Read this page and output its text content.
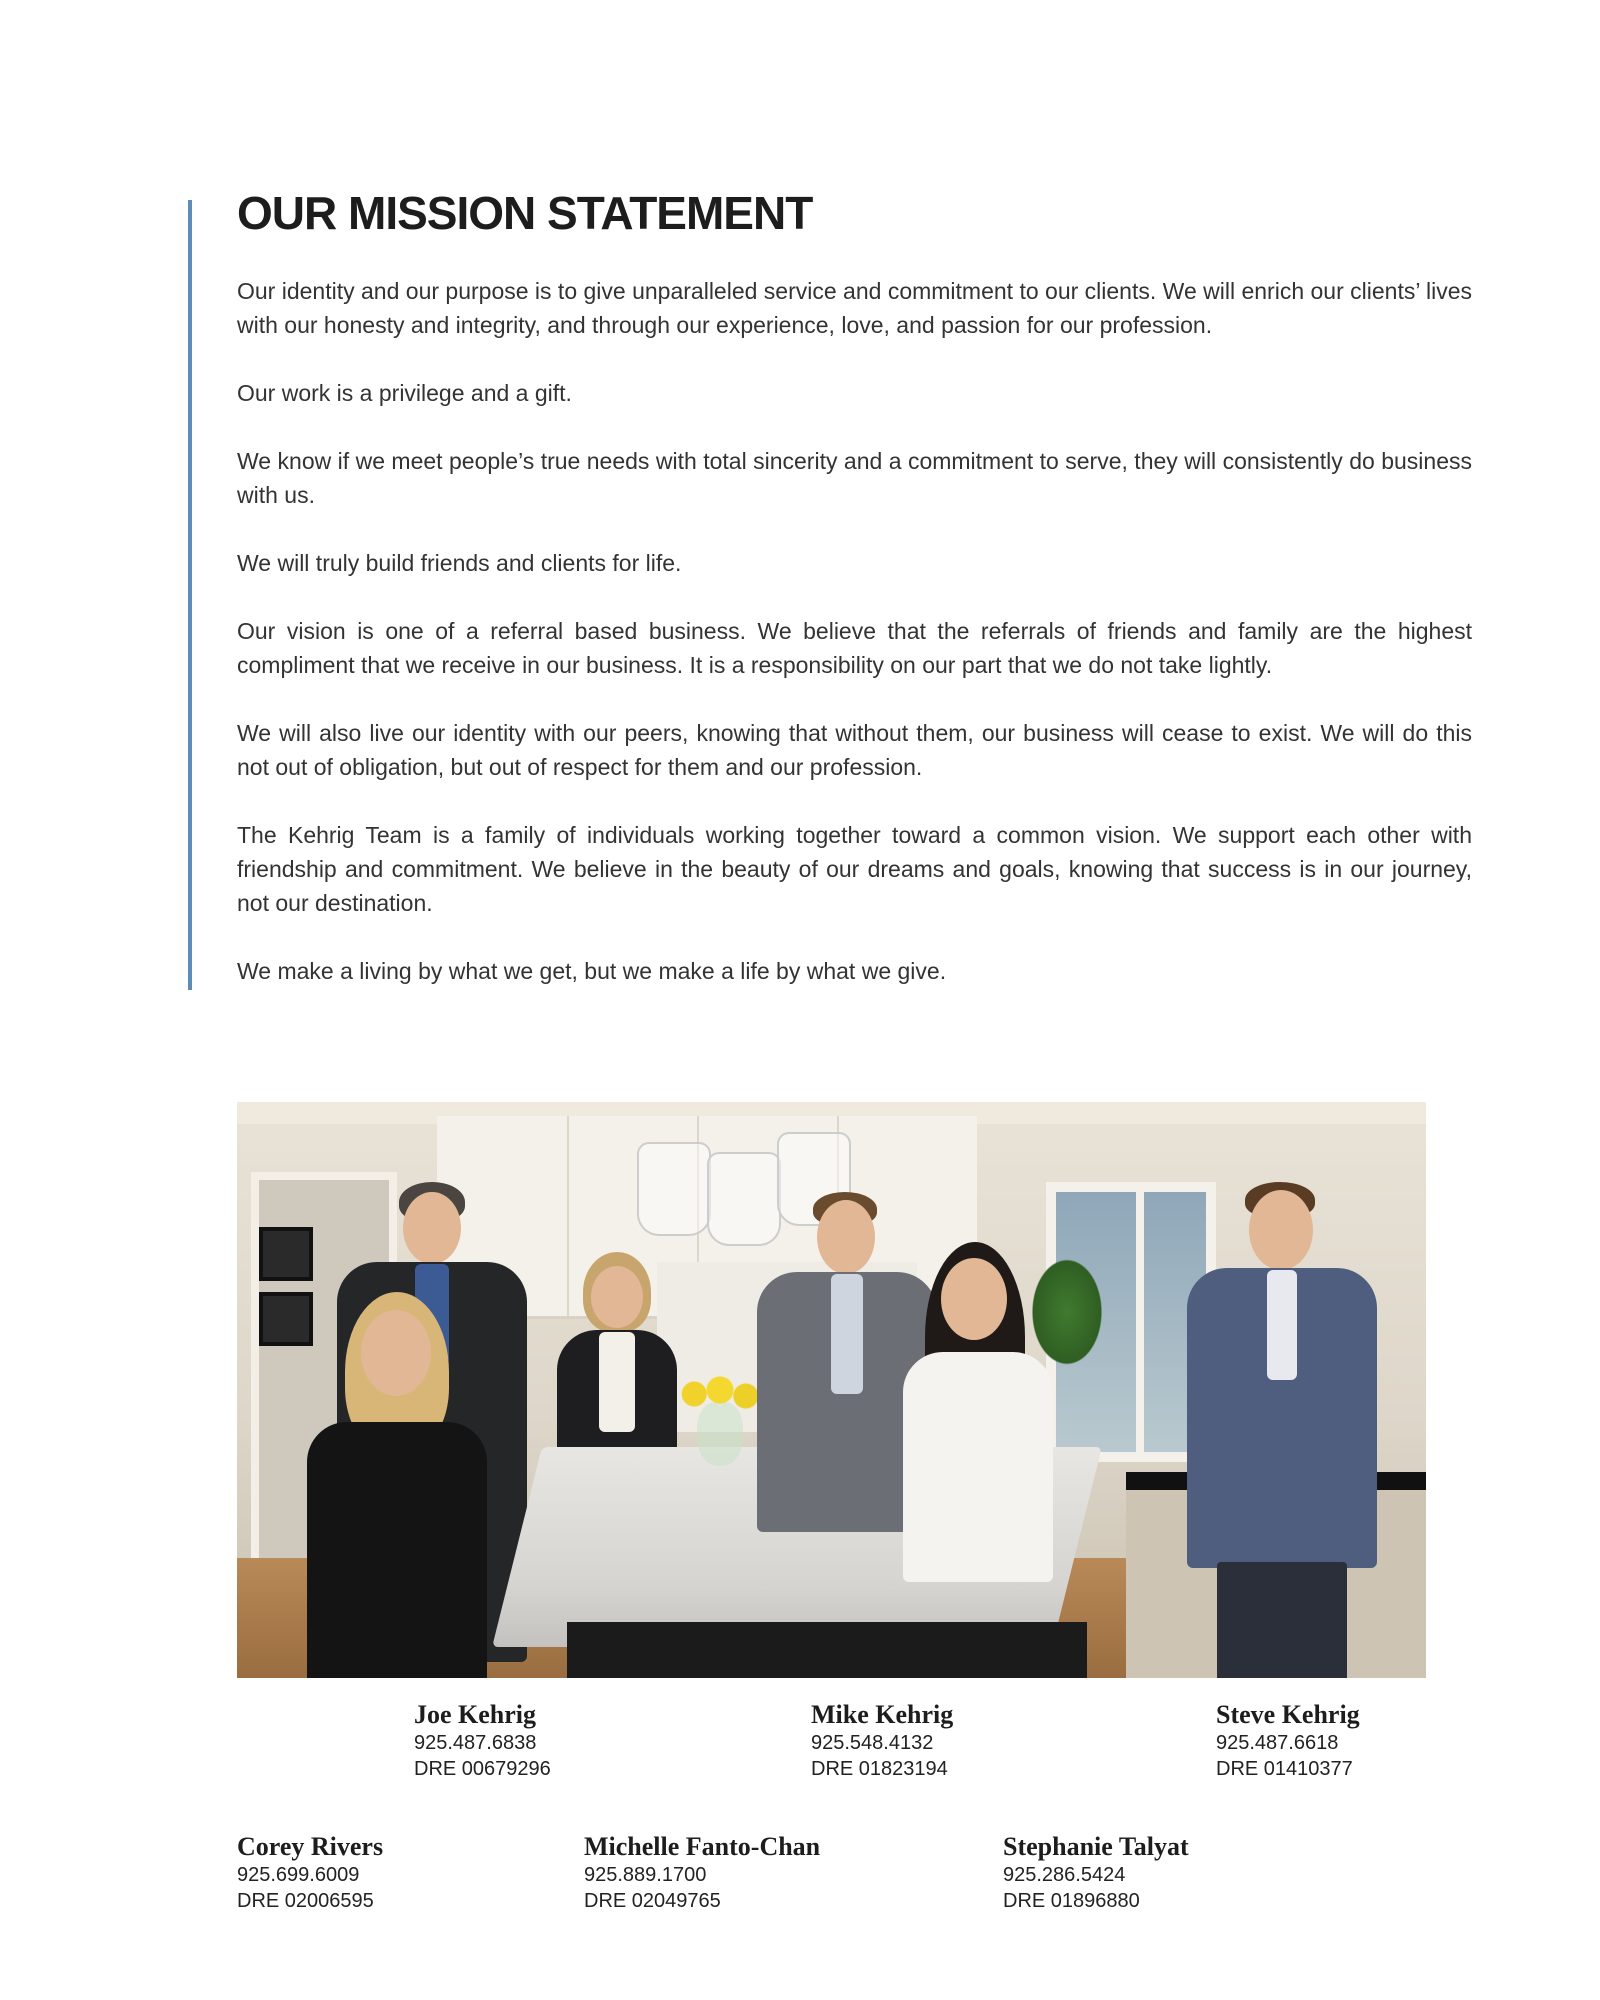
OUR MISSION STATEMENT

Our identity and our purpose is to give unparalleled service and commitment to our clients. We will enrich our clients’ lives with our honesty and integrity, and through our experience, love, and passion for our profession.

Our work is a privilege and a gift.

We know if we meet people’s true needs with total sincerity and a commitment to serve, they will consistently do business with us.

We will truly build friends and clients for life.

Our vision is one of a referral based business. We believe that the referrals of friends and family are the highest compliment that we receive in our business. It is a responsibility on our part that we do not take lightly.

We will also live our identity with our peers, knowing that without them, our business will cease to exist. We will do this not out of obligation, but out of respect for them and our profession.

The Kehrig Team is a family of individuals working together toward a common vision. We support each other with friendship and commitment. We believe in the beauty of our dreams and goals, knowing that success is in our journey, not our destination.

We make a living by what we get, but we make a life by what we give.

Joe Kehrig
925.487.6838
DRE 00679296
Mike Kehrig
925.548.4132
DRE 01823194
Steve Kehrig
925.487.6618
DRE 01410377
Corey Rivers
925.699.6009
DRE 02006595
Michelle Fanto-Chan
925.889.1700
DRE 02049765
Stephanie Talyat
925.286.5424
DRE 01896880
